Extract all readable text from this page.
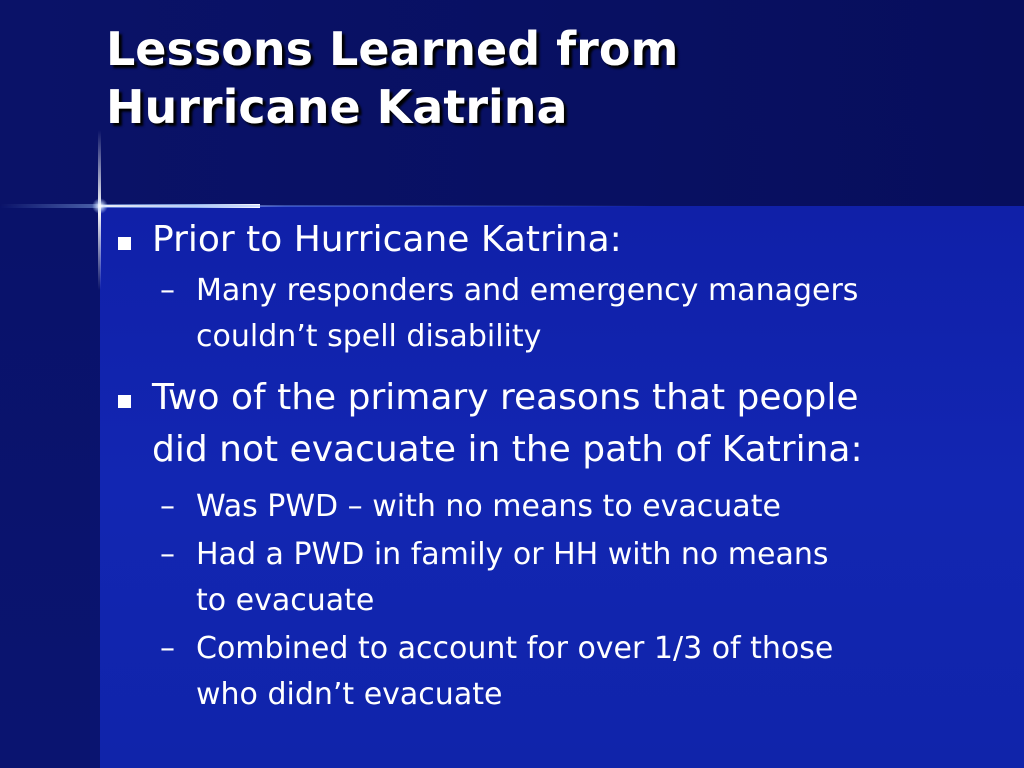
Lessons Learned from
Hurricane Katrina
Prior to Hurricane Katrina:
– Many responders and emergency managers
couldn’t spell disability
Two of the primary reasons that people
did not evacuate in the path of Katrina:
– Was PWD – with no means to evacuate
– Had a PWD in family or HH with no means
to evacuate
– Combined to account for over 1/3 of those
who didn’t evacuate
